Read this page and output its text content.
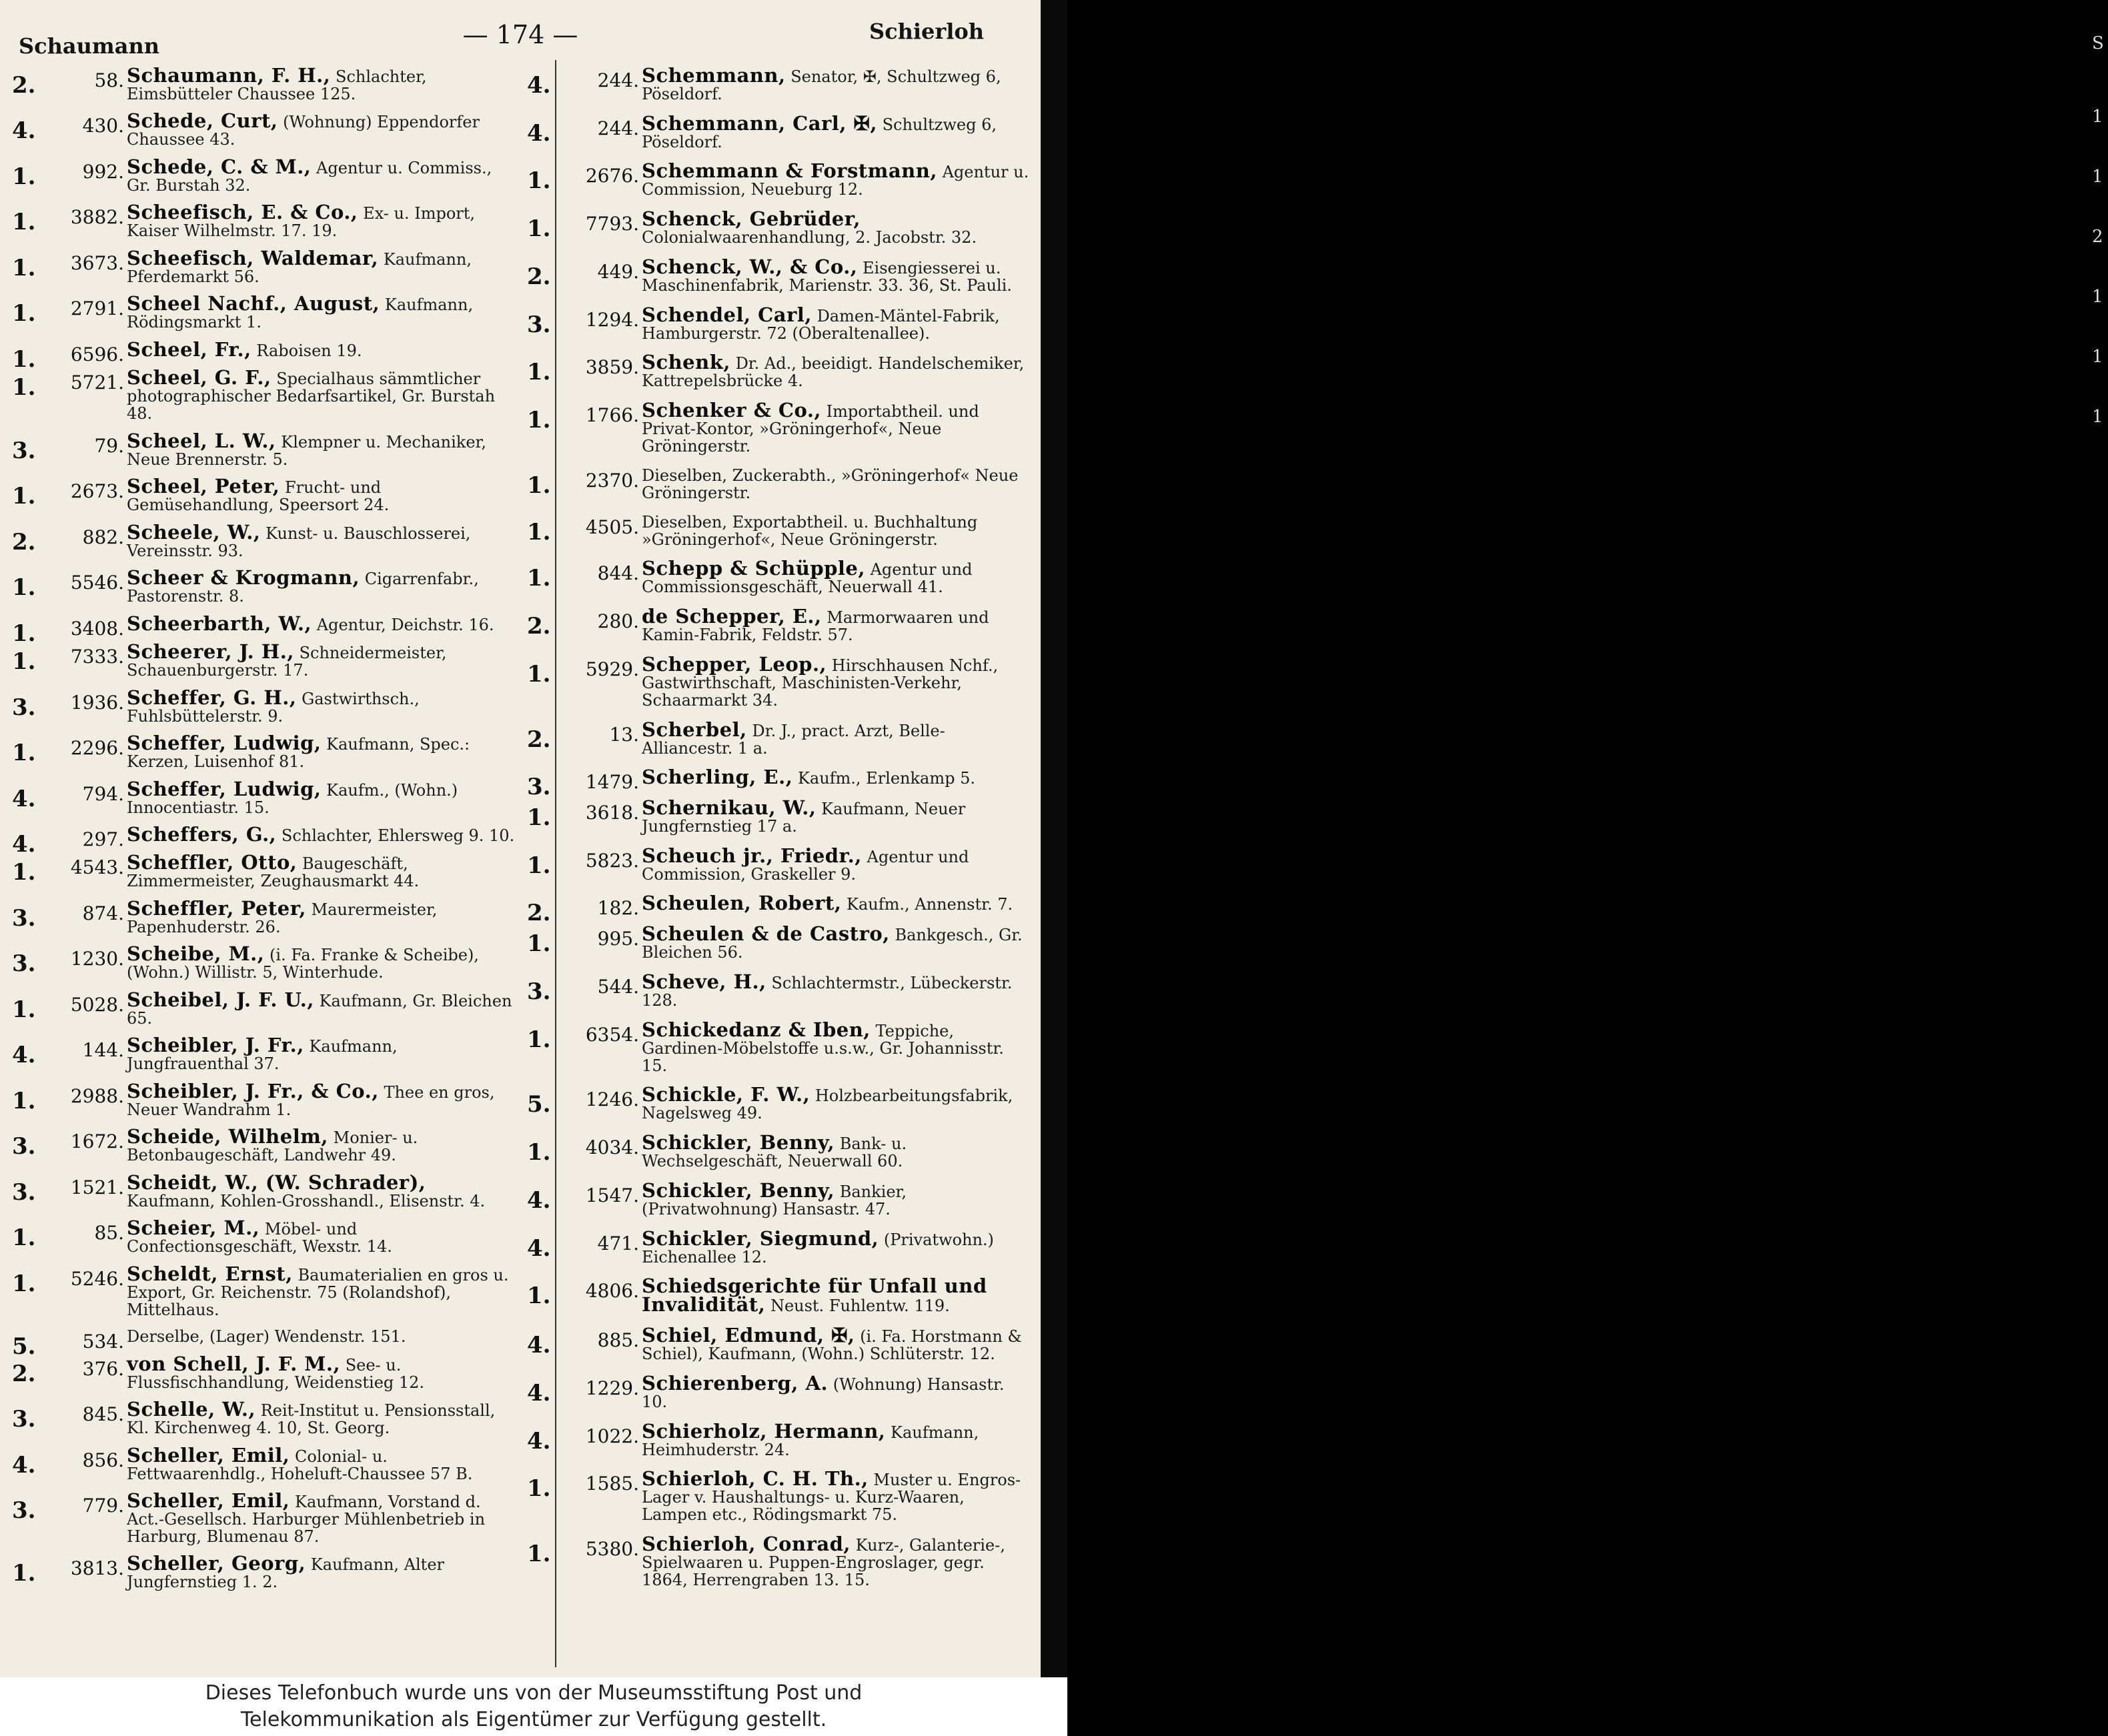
Schaumann	— 174 —	Schierloh
2.	58. Schaumann, F. H., Schlachter, Eimsbütteler Chaussee 125.
4.	430. Schede, Curt, (Wohnung) Eppendorfer Chaussee 43.
1.	992. Schede, C. & M., Agentur u. Commiss., Gr. Burstah 32.
1.	3882. Scheefisch, E. & Co., Ex- u. Import, Kaiser Wilhelmstr. 17. 19.
1.	3673. Scheefisch, Waldemar, Kaufmann, Pferdemarkt 56.
1.	2791. Scheel Nachf., August, Kaufmann, Rödingsmarkt 1.
1.	6596. Scheel, Fr., Raboisen 19.
1.	5721. Scheel, G. F., Specialhaus sämmtlicher photographischer Bedarfsartikel, Gr. Burstah 48.
3.	79. Scheel, L. W., Klempner u. Mechaniker, Neue Brennerstr. 5.
1.	2673. Scheel, Peter, Frucht- und Gemüsehandlung, Speersort 24.
2.	882. Scheele, W., Kunst- u. Bauschlosserei, Vereinsstr. 93.
1.	5546. Scheer & Krogmann, Cigarrenfabr., Pastorenstr. 8.
1.	3408. Scheerbarth, W., Agentur, Deichstr. 16.
1.	7333. Scheerer, J. H., Schneidermeister, Schauenburgerstr. 17.
3.	1936. Scheffer, G. H., Gastwirthsch., Fuhlsbüttelerstr. 9.
1.	2296. Scheffer, Ludwig, Kaufmann, Spec.: Kerzen, Luisenhof 81.
4.	794. Scheffer, Ludwig, Kaufm., (Wohn.) Innocentiastr. 15.
4.	297. Scheffers, G., Schlachter, Ehlersweg 9. 10.
1.	4543. Scheffler, Otto, Baugeschäft, Zimmermeister, Zeughausmarkt 44.
3.	874. Scheffler, Peter, Maurermeister, Papenhuderstr. 26.
3.	1230. Scheibe, M., (i. Fa. Franke & Scheibe), (Wohn.) Willistr. 5, Winterhude.
1.	5028. Scheibel, J. F. U., Kaufmann, Gr. Bleichen 65.
4.	144. Scheibler, J. Fr., Kaufmann, Jungfrauenthal 37.
1.	2988. Scheibler, J. Fr., & Co., Thee en gros, Neuer Wandrahm 1.
3.	1672. Scheide, Wilhelm, Monier- u. Betonbaugeschäft, Landwehr 49.
3.	1521. Scheidt, W., (W. Schrader), Kaufmann, Kohlen-Grosshandl., Elisenstr. 4.
1.	85. Scheier, M., Möbel- und Confectionsgeschäft, Wexstr. 14.
1.	5246. Scheldt, Ernst, Baumaterialien en gros u. Export, Gr. Reichenstr. 75 (Rolandshof), Mittelhaus.
5.	534. Derselbe, (Lager) Wendenstr. 151.
2.	376. von Schell, J. F. M., See- u. Flussfischhandlung, Weidenstieg 12.
3.	845. Schelle, W., Reit-Institut u. Pensionsstall, Kl. Kirchenweg 4. 10, St. Georg.
4.	856. Scheller, Emil, Colonial- u. Fettwaarenhdlg., Hoheluft-Chaussee 57 B.
3.	779. Scheller, Emil, Kaufmann, Vorstand d. Act.-Gesellsch. Harburger Mühlenbetrieb in Harburg, Blumenau 87.
1.	3813. Scheller, Georg, Kaufmann, Alter Jungfernstieg 1. 2.
4.	244. Schemmann, Senator, ✠, Schultzweg 6, Pöseldorf.
4.	244. Schemmann, Carl, ✠, Schultzweg 6, Pöseldorf.
1.	2676. Schemmann & Forstmann, Agentur u. Commission, Neueburg 12.
1.	7793. Schenck, Gebrüder, Colonialwaarenhandlung, 2. Jacobstr. 32.
2.	449. Schenck, W., & Co., Eisengiesserei u. Maschinenfabrik, Marienstr. 33. 36, St. Pauli.
3.	1294. Schendel, Carl, Damen-Mäntel-Fabrik, Hamburgerstr. 72 (Oberaltenallee).
1.	3859. Schenk, Dr. Ad., beeidigt. Handelschemiker, Kattrepelsbrücke 4.
1.	1766. Schenker & Co., Importabtheil. und Privat-Kontor, »Gröningerhof«, Neue Gröningerstr.
1.	2370. Dieselben, Zuckerabth., »Gröningerhof« Neue Gröningerstr.
1.	4505. Dieselben, Exportabtheil. u. Buchhaltung »Gröningerhof«, Neue Gröningerstr.
1.	844. Schepp & Schüpple, Agentur und Commissionsgeschäft, Neuerwall 41.
2.	280. de Schepper, E., Marmorwaaren und Kamin-Fabrik, Feldstr. 57.
1.	5929. Schepper, Leop., Hirschhausen Nchf., Gastwirthschaft, Maschinisten-Verkehr, Schaarmarkt 34.
2.	13. Scherbel, Dr. J., pract. Arzt, Belle-Alliancestr. 1 a.
3.	1479. Scherling, E., Kaufm., Erlenkamp 5.
1.	3618. Schernikau, W., Kaufmann, Neuer Jungfernstieg 17 a.
1.	5823. Scheuch jr., Friedr., Agentur und Commission, Graskeller 9.
2.	182. Scheulen, Robert, Kaufm., Annenstr. 7.
1.	995. Scheulen & de Castro, Bankgesch., Gr. Bleichen 56.
3.	544. Scheve, H., Schlachtermstr., Lübeckerstr. 128.
1.	6354. Schickedanz & Iben, Teppiche, Gardinen-Möbelstoffe u.s.w., Gr. Johannisstr. 15.
5.	1246. Schickle, F. W., Holzbearbeitungsfabrik, Nagelsweg 49.
1.	4034. Schickler, Benny, Bank- u. Wechselgeschäft, Neuerwall 60.
4.	1547. Schickler, Benny, Bankier, (Privatwohnung) Hansastr. 47.
4.	471. Schickler, Siegmund, (Privatwohn.) Eichenallee 12.
1.	4806. Schiedsgerichte für Unfall und Invalidität, Neust. Fuhlentw. 119.
4.	885. Schiel, Edmund, ✠, (i. Fa. Horstmann & Schiel), Kaufmann, (Wohn.) Schlüterstr. 12.
4.	1229. Schierenberg, A. (Wohnung) Hansastr. 10.
4.	1022. Schierholz, Hermann, Kaufmann, Heimhuderstr. 24.
1.	1585. Schierloh, C. H. Th., Muster u. Engros-Lager v. Haushaltungs- u. Kurz-Waaren, Lampen etc., Rödingsmarkt 75.
1.	5380. Schierloh, Conrad, Kurz-, Galanterie-, Spielwaaren u. Puppen-Engroslager, gegr. 1864, Herrengraben 13. 15.
S
1
1
2
1
1
1
Dieses Telefonbuch wurde uns von der Museumsstiftung Post und
Telekommunikation als Eigentümer zur Verfügung gestellt.
